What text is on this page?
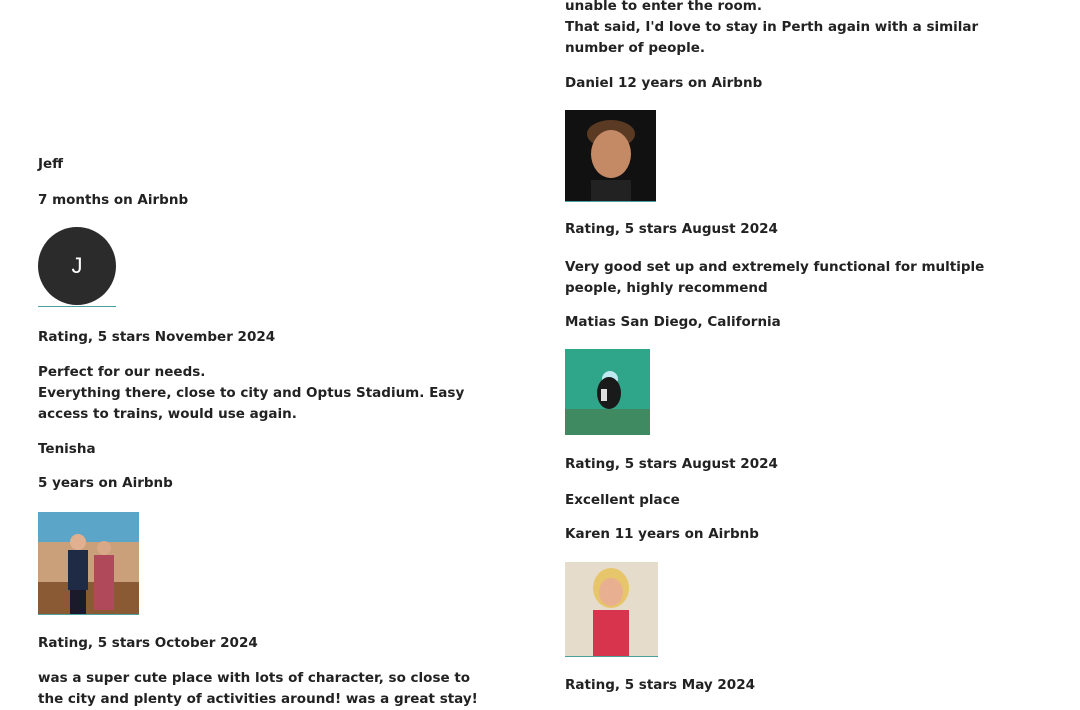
Jeff
7 months on Airbnb
J
Rating, 5 stars November 2024
Perfect for our needs.
Everything there, close to city and Optus Stadium. Easy access to trains, would use again.
Tenisha
5 years on Airbnb
Rating, 5 stars October 2024
was a super cute place with lots of character, so close to the city and plenty of activities around! was a great stay!
unable to enter the room.
That said, I'd love to stay in Perth again with a similar number of people.
Daniel 12 years on Airbnb
Rating, 5 stars August 2024
Very good set up and extremely functional for multiple people, highly recommend
Matias San Diego, California
Rating, 5 stars August 2024
Excellent place
Karen 11 years on Airbnb
Rating, 5 stars May 2024
